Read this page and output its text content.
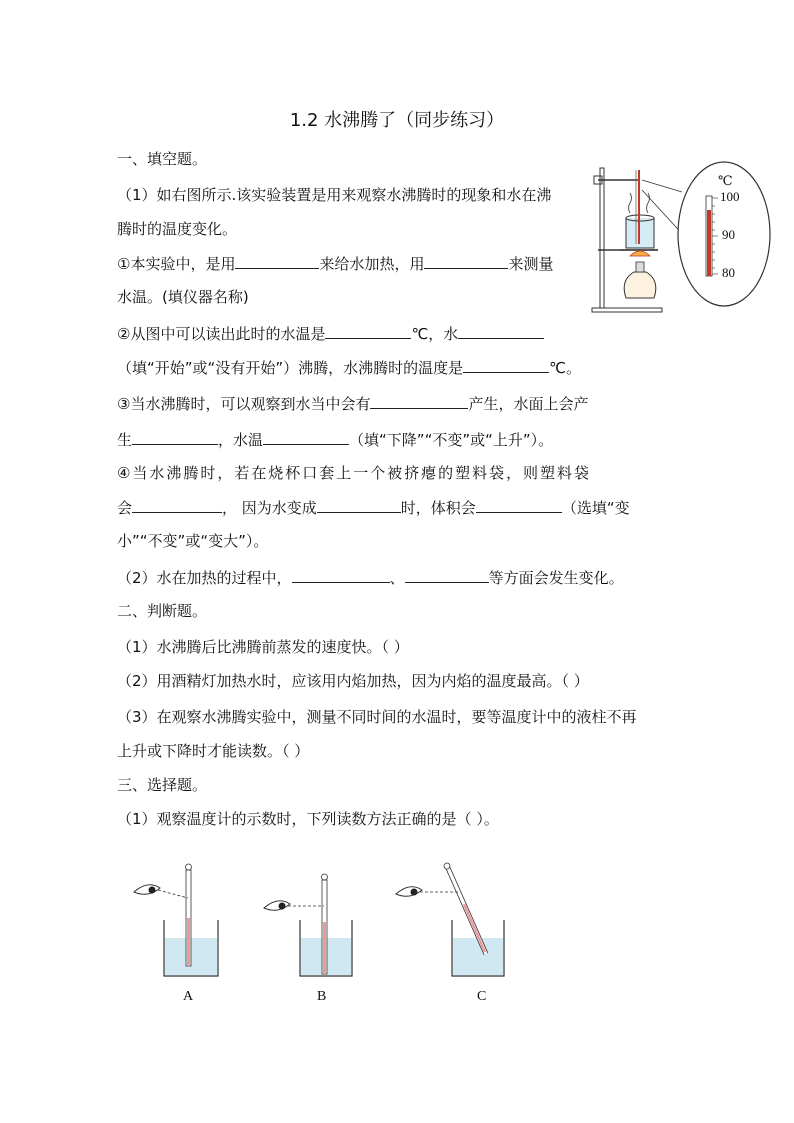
1.2 水沸腾了（同步练习）
一、填空题。
（1）如右图所示.该实验装置是用来观察水沸腾时的现象和水在沸
腾时的温度变化。
①本实验中，是用	来给水加热，用	来测量
水温。(填仪器名称)
②从图中可以读出此时的水温是	℃，水
（填“开始”或“没有开始”）沸腾，水沸腾时的温度是	℃。
③当水沸腾时，可以观察到水当中会有	产生，水面上会产
生	，水温	（填“下降”“不变”或“上升”）。
④当水沸腾时，若在烧杯口套上一个被挤瘪的塑料袋，则塑料袋
会	， 因为水变成	时，体积会	（选填“变
小”“不变”或“变大”）。
（2）水在加热的过程中，	、	等方面会发生变化。
二、判断题。
（1）水沸腾后比沸腾前蒸发的速度快。（ ）
（2）用酒精灯加热水时，应该用内焰加热，因为内焰的温度最高。（ ）
（3）在观察水沸腾实验中，测量不同时间的水温时，要等温度计中的液柱不再
上升或下降时才能读数。（ ）
三、选择题。
（1）观察温度计的示数时，下列读数方法正确的是（ ）。
℃
100
90
80
A	B	C
